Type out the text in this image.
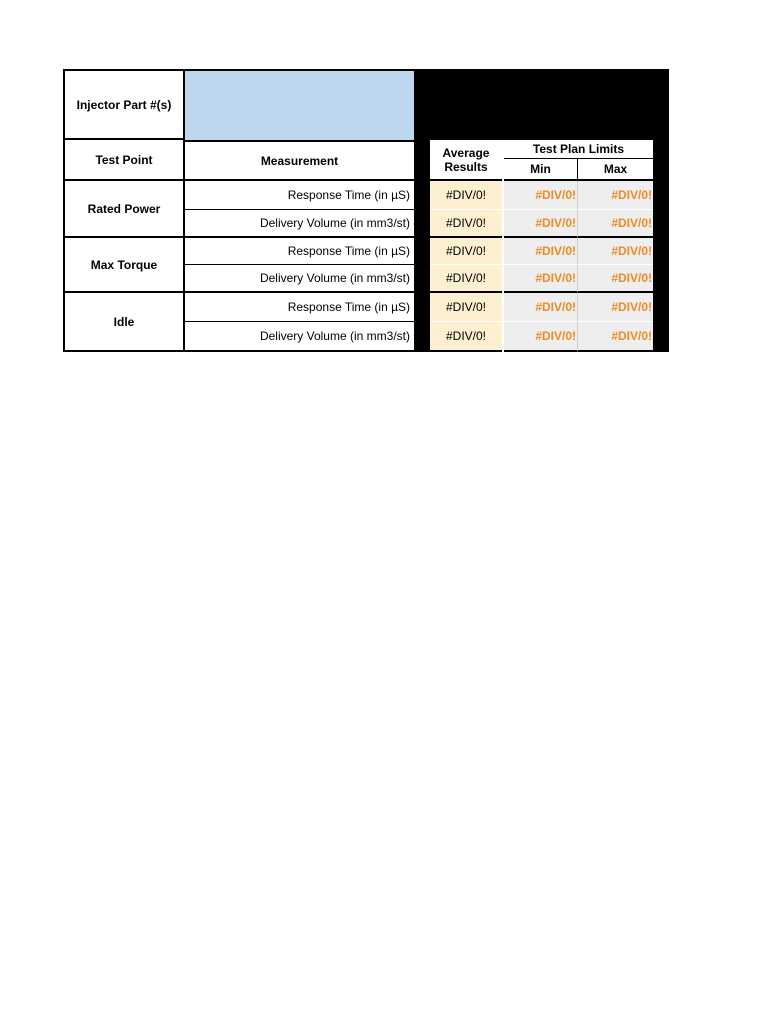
Injector Part #(s)
Test Point	Measurement
Average
Results
Test Plan Limits
Min	Max
Rated Power
Response Time (in µS)	#DIV/0!	#DIV/0!	#DIV/0!
Delivery Volume (in mm3/st)	#DIV/0!	#DIV/0!	#DIV/0!
Max Torque
Response Time (in µS)	#DIV/0!	#DIV/0!	#DIV/0!
Delivery Volume (in mm3/st)	#DIV/0!	#DIV/0!	#DIV/0!
Idle
Response Time (in µS)	#DIV/0!	#DIV/0!	#DIV/0!
Delivery Volume (in mm3/st)	#DIV/0!	#DIV/0!	#DIV/0!
